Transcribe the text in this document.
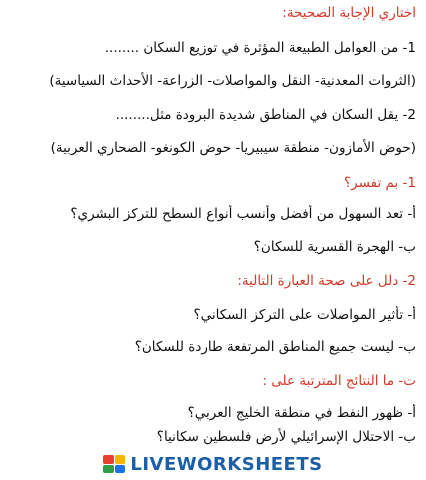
اختاري الإجابة الصحيحة:
1- من العوامل الطبيعة المؤثرة في توزيع السكان ........
(الثروات المعدنية- النقل والمواصلات- الزراعة- الأحداث السياسية)
2- يقل السكان في المناطق شديدة البرودة مثل........
(حوض الأمازون- منطقة سيبيريا- حوض الكونغو- الصحاري العربية)
1- بم تفسر؟
أ- تعد السهول من أفضل وأنسب أنواع السطح للتركز البشري؟
ب- الهجرة القسرية للسكان؟
2- دلل على صحة العبارة التالية:
أ- تأثير المواصلات على التركز السكاني؟
ب- ليست جميع المناطق المرتفعة طاردة للسكان؟
ت- ما النتائج المترتبة على :
أ- ظهور النفط في منطقة الخليج العربي؟
ب- الاحتلال الإسرائيلي لأرض فلسطين سكانيا؟
LIVEWORKSHEETS
